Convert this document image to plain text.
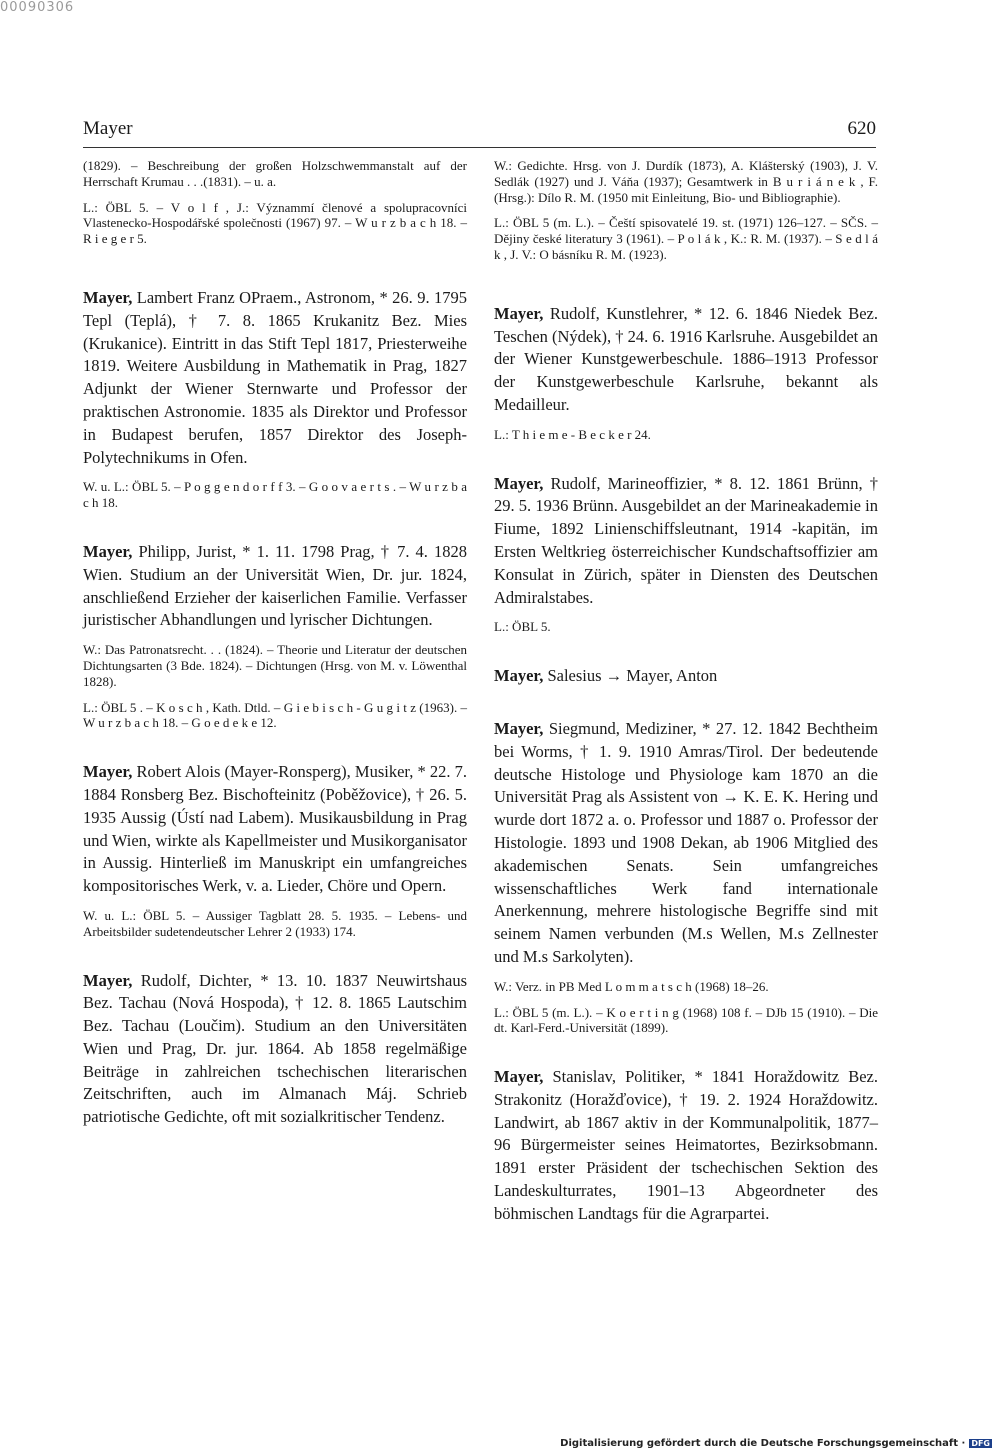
00090306
Mayer	620

(1829). – Beschreibung der großen Holzschwemmanstalt auf der Herrschaft Krumau . . .(1831). – u. a.

L.: ÖBL 5. – V o l f , J.: Význammí členové a spolupracovníci Vlastenecko-Hospodářské společnosti (1967) 97. – W u r z b a c h 18. – R i e g e r 5.

Mayer, Lambert Franz OPraem., Astronom, * 26. 9. 1795 Tepl (Teplá), † 7. 8. 1865 Krukanitz Bez. Mies (Krukanice). Eintritt in das Stift Tepl 1817, Priesterweihe 1819. Weitere Ausbildung in Mathematik in Prag, 1827 Adjunkt der Wiener Sternwarte und Professor der praktischen Astronomie. 1835 als Direktor und Professor in Budapest berufen, 1857 Direktor des Joseph-Polytechnikums in Ofen.

W. u. L.: ÖBL 5. – P o g g e n d o r f f 3. – G o o v a e r t s . – W u r z b a c h 18.

Mayer, Philipp, Jurist, * 1. 11. 1798 Prag, † 7. 4. 1828 Wien. Studium an der Universität Wien, Dr. jur. 1824, anschließend Erzieher der kaiserlichen Familie. Verfasser juristischer Abhandlungen und lyrischer Dichtungen.

W.: Das Patronatsrecht. . . (1824). – Theorie und Literatur der deutschen Dichtungsarten (3 Bde. 1824). – Dichtungen (Hrsg. von M. v. Löwenthal 1828).

L.: ÖBL 5 . – K o s c h , Kath. Dtld. – G i e b i s c h - G u g i t z (1963). – W u r z b a c h 18. – G o e d e k e 12.

Mayer, Robert Alois (Mayer-Ronsperg), Musiker, * 22. 7. 1884 Ronsberg Bez. Bischofteinitz (Poběžovice), † 26. 5. 1935 Aussig (Ústí nad Labem). Musikausbildung in Prag und Wien, wirkte als Kapellmeister und Musikorganisator in Aussig. Hinterließ im Manuskript ein umfangreiches kompositorisches Werk, v. a. Lieder, Chöre und Opern.

W. u. L.: ÖBL 5. – Aussiger Tagblatt 28. 5. 1935. – Lebens- und Arbeitsbilder sudetendeutscher Lehrer 2 (1933) 174.

Mayer, Rudolf, Dichter, * 13. 10. 1837 Neuwirtshaus Bez. Tachau (Nová Hospoda), † 12. 8. 1865 Lautschim Bez. Tachau (Loučim). Studium an den Universitäten Wien und Prag, Dr. jur. 1864. Ab 1858 regelmäßige Beiträge in zahlreichen tschechischen literarischen Zeitschriften, auch im Almanach Máj. Schrieb patriotische Gedichte, oft mit sozialkritischer Tendenz.

W.: Gedichte. Hrsg. von J. Durdík (1873), A. Klášterský (1903), J. V. Sedlák (1927) und J. Váňa (1937); Gesamtwerk in B u r i á n e k , F. (Hrsg.): Dílo R. M. (1950 mit Einleitung, Bio- und Bibliographie).

L.: ÖBL 5 (m. L.). – Čeští spisovatelé 19. st. (1971) 126–127. – SČS. – Dějiny české literatury 3 (1961). – P o l á k , K.: R. M. (1937). – S e d l á k , J. V.: O básníku R. M. (1923).

Mayer, Rudolf, Kunstlehrer, * 12. 6. 1846 Niedek Bez. Teschen (Nýdek), † 24. 6. 1916 Karlsruhe. Ausgebildet an der Wiener Kunstgewerbeschule. 1886–1913 Professor der Kunstgewerbeschule Karlsruhe, bekannt als Medailleur.

L.: T h i e m e - B e c k e r 24.

Mayer, Rudolf, Marineoffizier, * 8. 12. 1861 Brünn, † 29. 5. 1936 Brünn. Ausgebildet an der Marineakademie in Fiume, 1892 Linienschiffsleutnant, 1914 -kapitän, im Ersten Weltkrieg österreichischer Kundschaftsoffizier am Konsulat in Zürich, später in Diensten des Deutschen Admiralstabes.

L.: ÖBL 5.

Mayer, Salesius → Mayer, Anton

Mayer, Siegmund, Mediziner, * 27. 12. 1842 Bechtheim bei Worms, † 1. 9. 1910 Amras/Tirol. Der bedeutende deutsche Histologe und Physiologe kam 1870 an die Universität Prag als Assistent von → K. E. K. Hering und wurde dort 1872 a. o. Professor und 1887 o. Professor der Histologie. 1893 und 1908 Dekan, ab 1906 Mitglied des akademischen Senats. Sein umfangreiches wissenschaftliches Werk fand internationale Anerkennung, mehrere histologische Begriffe sind mit seinem Namen verbunden (M.s Wellen, M.s Zellnester und M.s Sarkolyten).

W.: Verz. in PB Med L o m m a t s c h (1968) 18–26.

L.: ÖBL 5 (m. L.). – K o e r t i n g (1968) 108 f. – DJb 15 (1910). – Die dt. Karl-Ferd.-Universität (1899).

Mayer, Stanislav, Politiker, * 1841 Horaždowitz Bez. Strakonitz (Horažďovice), † 19. 2. 1924 Horaždowitz. Landwirt, ab 1867 aktiv in der Kommunalpolitik, 1877–96 Bürgermeister seines Heimatortes, Bezirksobmann. 1891 erster Präsident der tschechischen Sektion des Landeskulturrates, 1901–13 Abgeordneter des böhmischen Landtags für die Agrarpartei.

Digitalisierung gefördert durch die Deutsche Forschungsgemeinschaft · DFG
